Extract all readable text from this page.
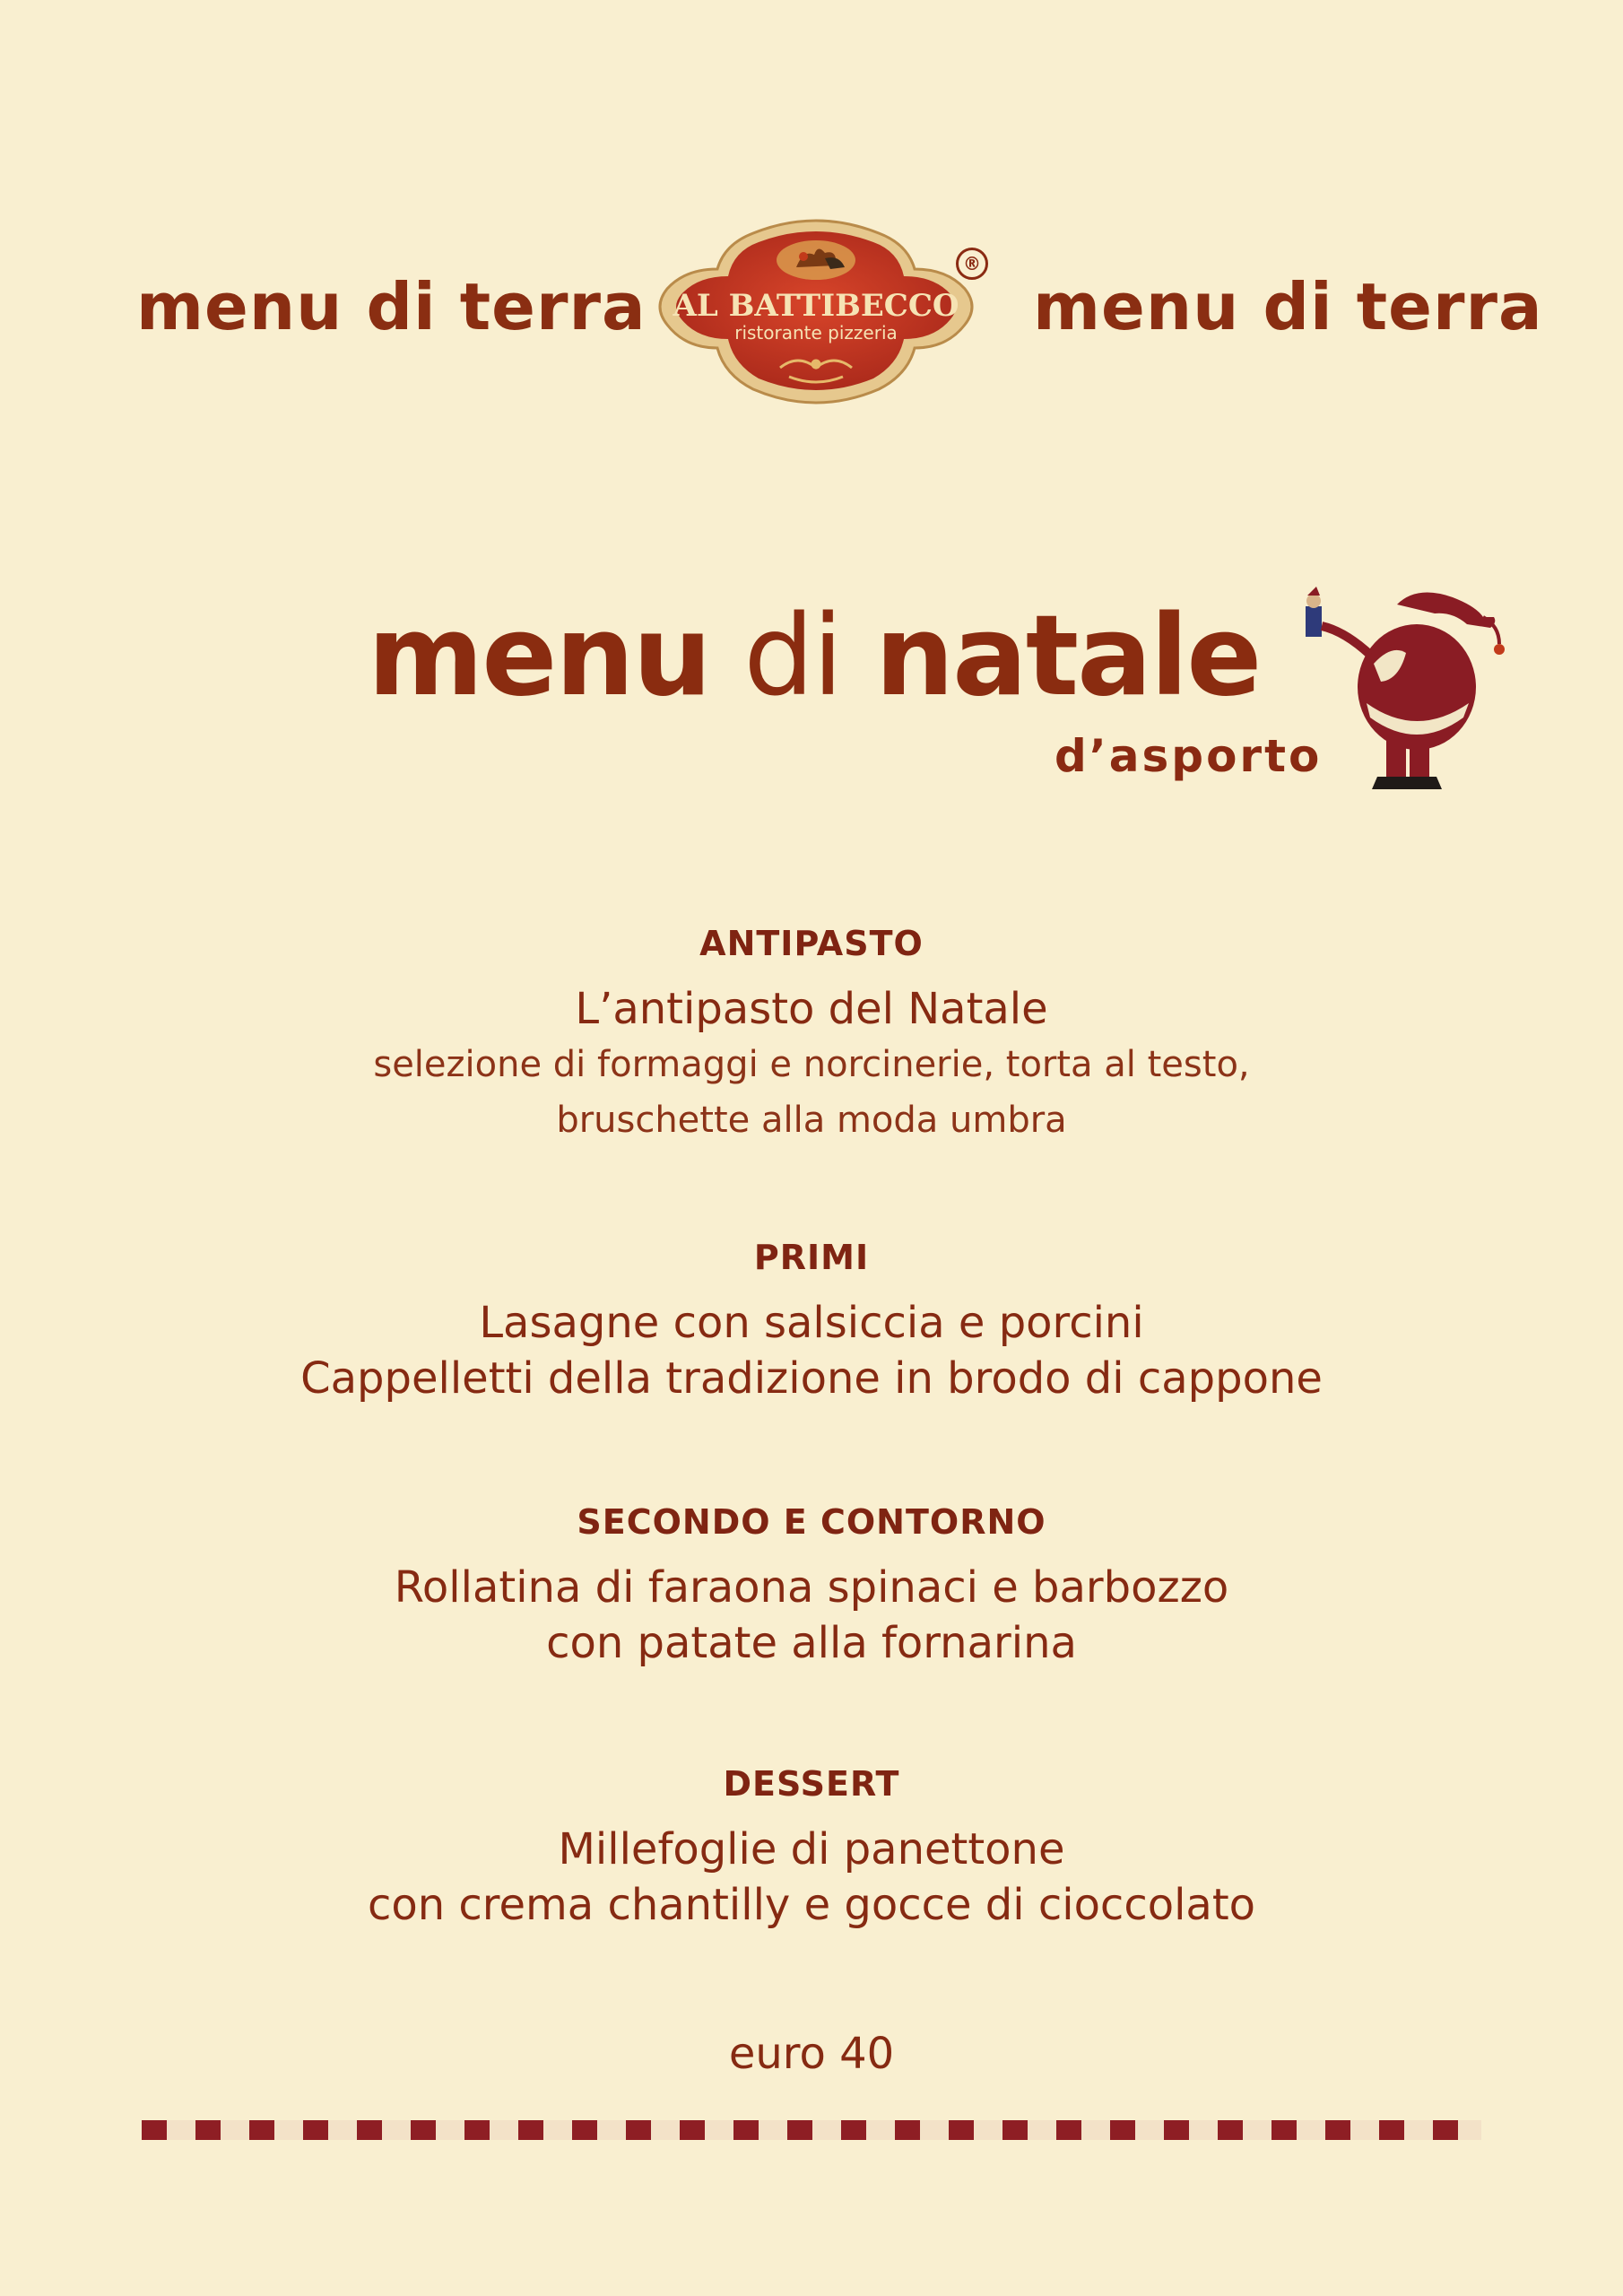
menu di terra AL BATTIBECCO
ristorante pizzeria
®
menu di terra
menu di natale
d’asporto
ANTIPASTO
L’antipasto del Natale
selezione di formaggi e norcinerie, torta al testo,
bruschette alla moda umbra
PRIMI
Lasagne con salsiccia e porcini
Cappelletti della tradizione in brodo di cappone
SECONDO E CONTORNO
Rollatina di faraona spinaci e barbozzo
con patate alla fornarina
DESSERT
Millefoglie di panettone
con crema chantilly e gocce di cioccolato
euro 40
